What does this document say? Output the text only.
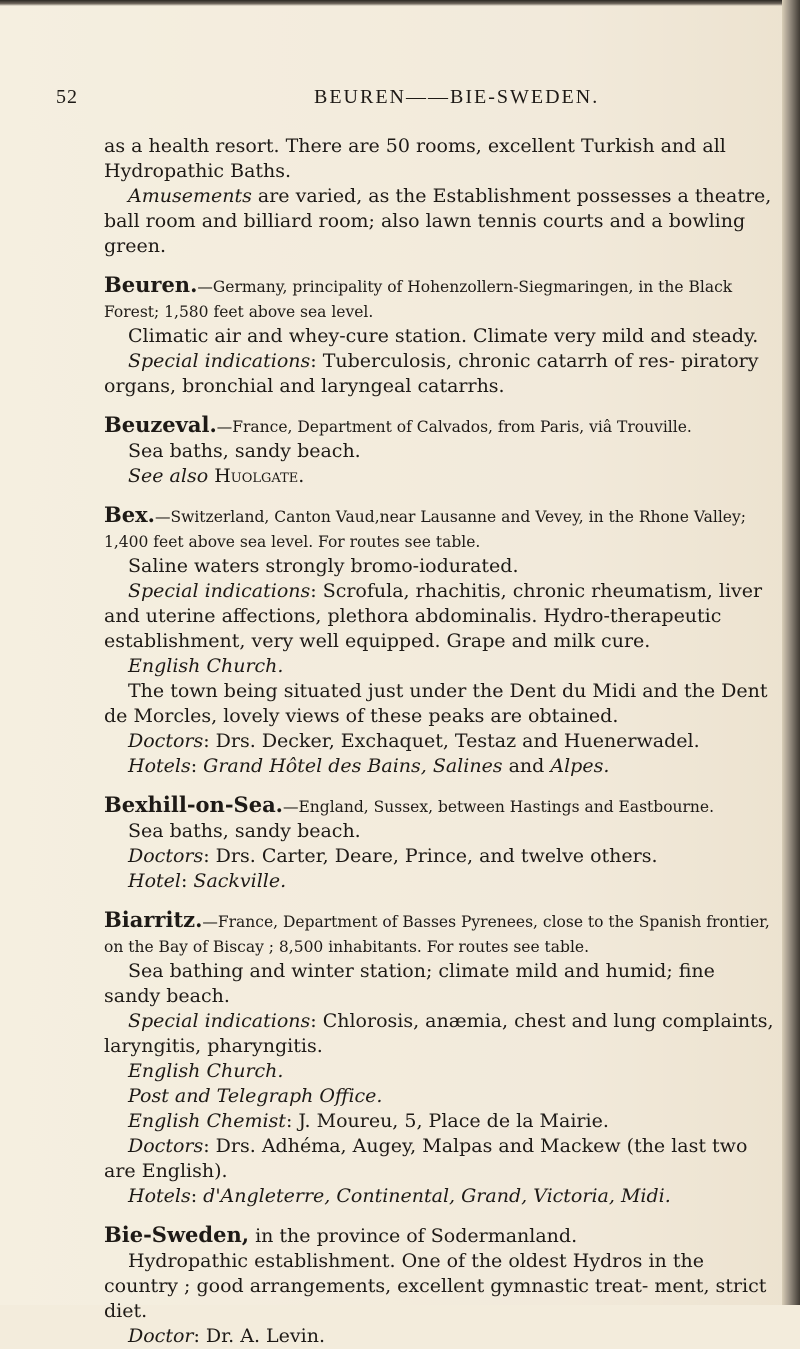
52	BEUREN——BIE-SWEDEN.

as a health resort. There are 50 rooms, excellent Turkish and all Hydropathic Baths.

Amusements are varied, as the Establishment possesses a theatre, ball room and billiard room; also lawn tennis courts and a bowling green.

Beuren.—Germany, principality of Hohenzollern-Siegmaringen, in the Black Forest; 1,580 feet above sea level.

Climatic air and whey-cure station. Climate very mild and steady.

Special indications: Tuberculosis, chronic catarrh of res- piratory organs, bronchial and laryngeal catarrhs.

Beuzeval.—France, Department of Calvados, from Paris, viâ Trouville.

Sea baths, sandy beach.

See also Huolgate.

Bex.—Switzerland, Canton Vaud,near Lausanne and Vevey, in the Rhone Valley; 1,400 feet above sea level. For routes see table.

Saline waters strongly bromo-iodurated.

Special indications: Scrofula, rhachitis, chronic rheumatism, liver and uterine affections, plethora abdominalis. Hydro-therapeutic establishment, very well equipped. Grape and milk cure.

English Church.

The town being situated just under the Dent du Midi and the Dent de Morcles, lovely views of these peaks are obtained.

Doctors: Drs. Decker, Exchaquet, Testaz and Huenerwadel.

Hotels: Grand Hôtel des Bains, Salines and Alpes.

Bexhill-on-Sea.—England, Sussex, between Hastings and Eastbourne.

Sea baths, sandy beach.

Doctors: Drs. Carter, Deare, Prince, and twelve others.

Hotel: Sackville.

Biarritz.—France, Department of Basses Pyrenees, close to the Spanish frontier, on the Bay of Biscay ; 8,500 inhabitants. For routes see table.

Sea bathing and winter station; climate mild and humid; fine sandy beach.

Special indications: Chlorosis, anæmia, chest and lung complaints, laryngitis, pharyngitis.

English Church.

Post and Telegraph Office.

English Chemist: J. Moureu, 5, Place de la Mairie.

Doctors: Drs. Adhéma, Augey, Malpas and Mackew (the last two are English).

Hotels: d'Angleterre, Continental, Grand, Victoria, Midi.

Bie-Sweden, in the province of Sodermanland.

Hydropathic establishment. One of the oldest Hydros in the country ; good arrangements, excellent gymnastic treat- ment, strict diet.

Doctor: Dr. A. Levin.
